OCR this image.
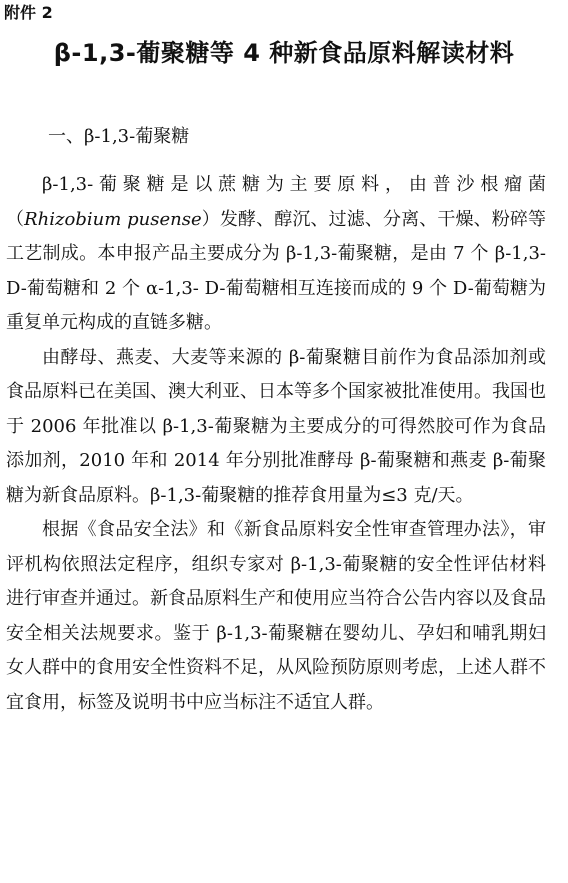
附件 2
β-1,3-葡聚糖等 4 种新食品原料解读材料
一、β-1,3-葡聚糖

β-1,3- 葡 聚 糖 是 以 蔗 糖 为 主 要 原 料 ， 由 普 沙 根 瘤 菌（Rhizobium pusense）发酵、醇沉、过滤、分离、干燥、粉碎等工艺制成。本申报产品主要成分为 β-1,3-葡聚糖，是由 7 个 β-1,3- D-葡萄糖和 2 个 α-1,3- D-葡萄糖相互连接而成的 9 个 D-葡萄糖为重复单元构成的直链多糖。

由酵母、燕麦、大麦等来源的 β-葡聚糖目前作为食品添加剂或食品原料已在美国、澳大利亚、日本等多个国家被批准使用。我国也于 2006 年批准以 β-1,3-葡聚糖为主要成分的可得然胶可作为食品添加剂，2010 年和 2014 年分别批准酵母 β-葡聚糖和燕麦 β-葡聚糖为新食品原料。β-1,3-葡聚糖的推荐食用量为≤3 克/天。

根据《食品安全法》和《新食品原料安全性审查管理办法》，审评机构依照法定程序，组织专家对 β-1,3-葡聚糖的安全性评估材料进行审查并通过。新食品原料生产和使用应当符合公告内容以及食品安全相关法规要求。鉴于 β-1,3-葡聚糖在婴幼儿、孕妇和哺乳期妇女人群中的食用安全性资料不足，从风险预防原则考虑，上述人群不宜食用，标签及说明书中应当标注不适宜人群。
